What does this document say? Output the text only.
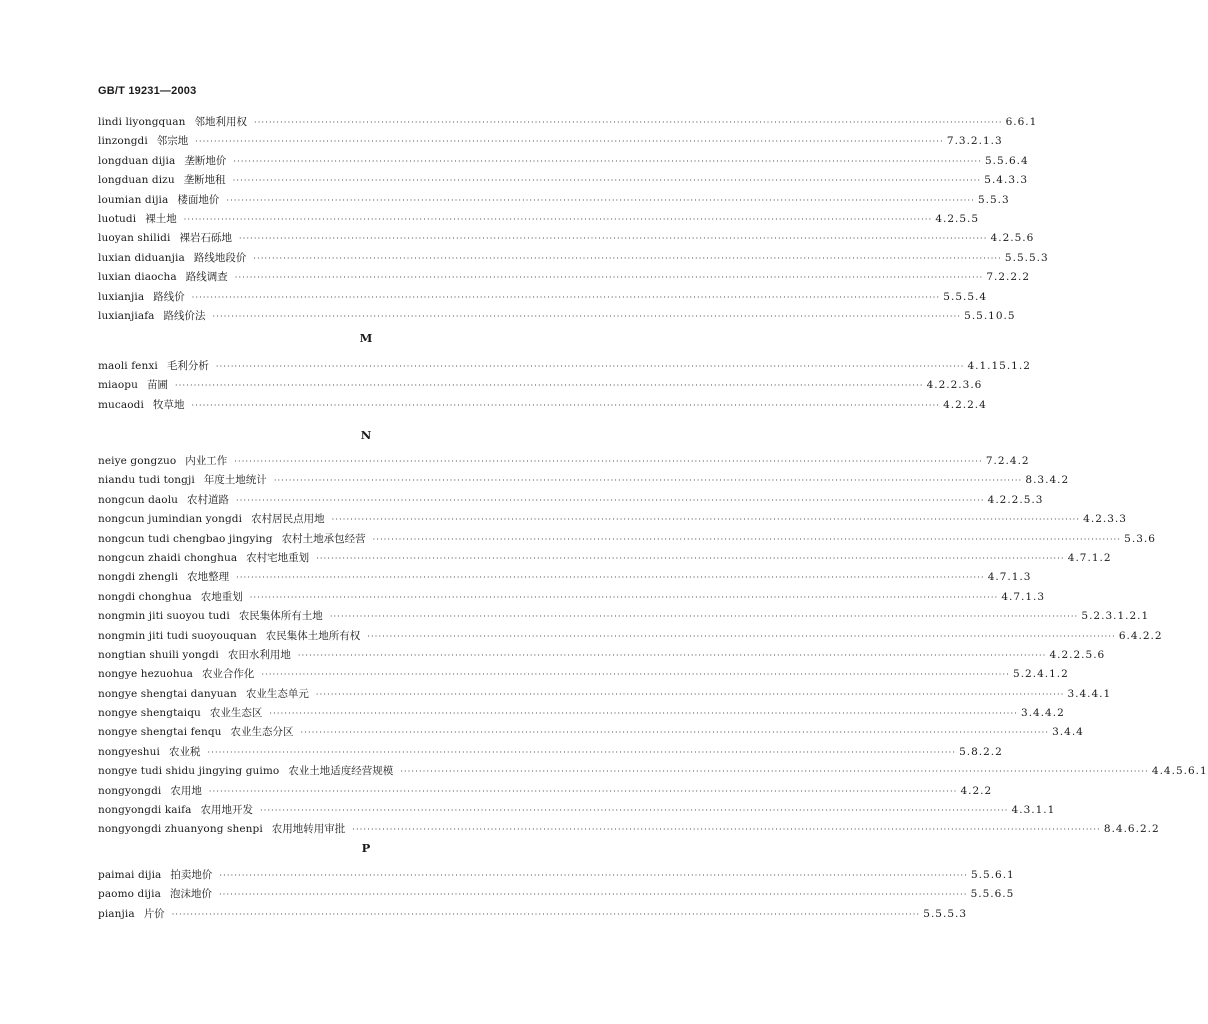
GB/T 19231—2003
lindi liyongquan 邻地利用权 ········································································································································································································ 6.6.1
linzongdi 邻宗地 ········································································································································································································ 7.3.2.1.3
longduan dijia 垄断地价 ········································································································································································································ 5.5.6.4
longduan dizu 垄断地租 ········································································································································································································ 5.4.3.3
loumian dijia 楼面地价 ········································································································································································································ 5.5.3
luotudi 裸土地 ········································································································································································································ 4.2.5.5
luoyan shilidi 裸岩石砾地 ········································································································································································································ 4.2.5.6
luxian diduanjia 路线地段价 ········································································································································································································ 5.5.5.3
luxian diaocha 路线调查 ········································································································································································································ 7.2.2.2
luxianjia 路线价 ········································································································································································································ 5.5.5.4
luxianjiafa 路线价法 ········································································································································································································ 5.5.10.5
M
maoli fenxi 毛利分析 ········································································································································································································ 4.1.15.1.2
miaopu 苗圃 ········································································································································································································ 4.2.2.3.6
mucaodi 牧草地 ········································································································································································································ 4.2.2.4
N
neiye gongzuo 内业工作 ········································································································································································································ 7.2.4.2
niandu tudi tongji 年度土地统计 ········································································································································································································ 8.3.4.2
nongcun daolu 农村道路 ········································································································································································································ 4.2.2.5.3
nongcun jumindian yongdi 农村居民点用地 ········································································································································································································ 4.2.3.3
nongcun tudi chengbao jingying 农村土地承包经营 ········································································································································································································ 5.3.6
nongcun zhaidi chonghua 农村宅地重划 ········································································································································································································ 4.7.1.2
nongdi zhengli 农地整理 ········································································································································································································ 4.7.1.3
nongdi chonghua 农地重划 ········································································································································································································ 4.7.1.3
nongmin jiti suoyou tudi 农民集体所有土地 ········································································································································································································ 5.2.3.1.2.1
nongmin jiti tudi suoyouquan 农民集体土地所有权 ········································································································································································································ 6.4.2.2
nongtian shuili yongdi 农田水利用地 ········································································································································································································ 4.2.2.5.6
nongye hezuohua 农业合作化 ········································································································································································································ 5.2.4.1.2
nongye shengtai danyuan 农业生态单元 ········································································································································································································ 3.4.4.1
nongye shengtaiqu 农业生态区 ········································································································································································································ 3.4.4.2
nongye shengtai fenqu 农业生态分区 ········································································································································································································ 3.4.4
nongyeshui 农业税 ········································································································································································································ 5.8.2.2
nongye tudi shidu jingying guimo 农业土地适度经营规模 ········································································································································································································ 4.4.5.6.1
nongyongdi 农用地 ········································································································································································································ 4.2.2
nongyongdi kaifa 农用地开发 ········································································································································································································ 4.3.1.1
nongyongdi zhuanyong shenpi 农用地转用审批 ········································································································································································································ 8.4.6.2.2
P
paimai dijia 拍卖地价 ········································································································································································································ 5.5.6.1
paomo dijia 泡沫地价 ········································································································································································································ 5.5.6.5
pianjia 片价 ········································································································································································································ 5.5.5.3
